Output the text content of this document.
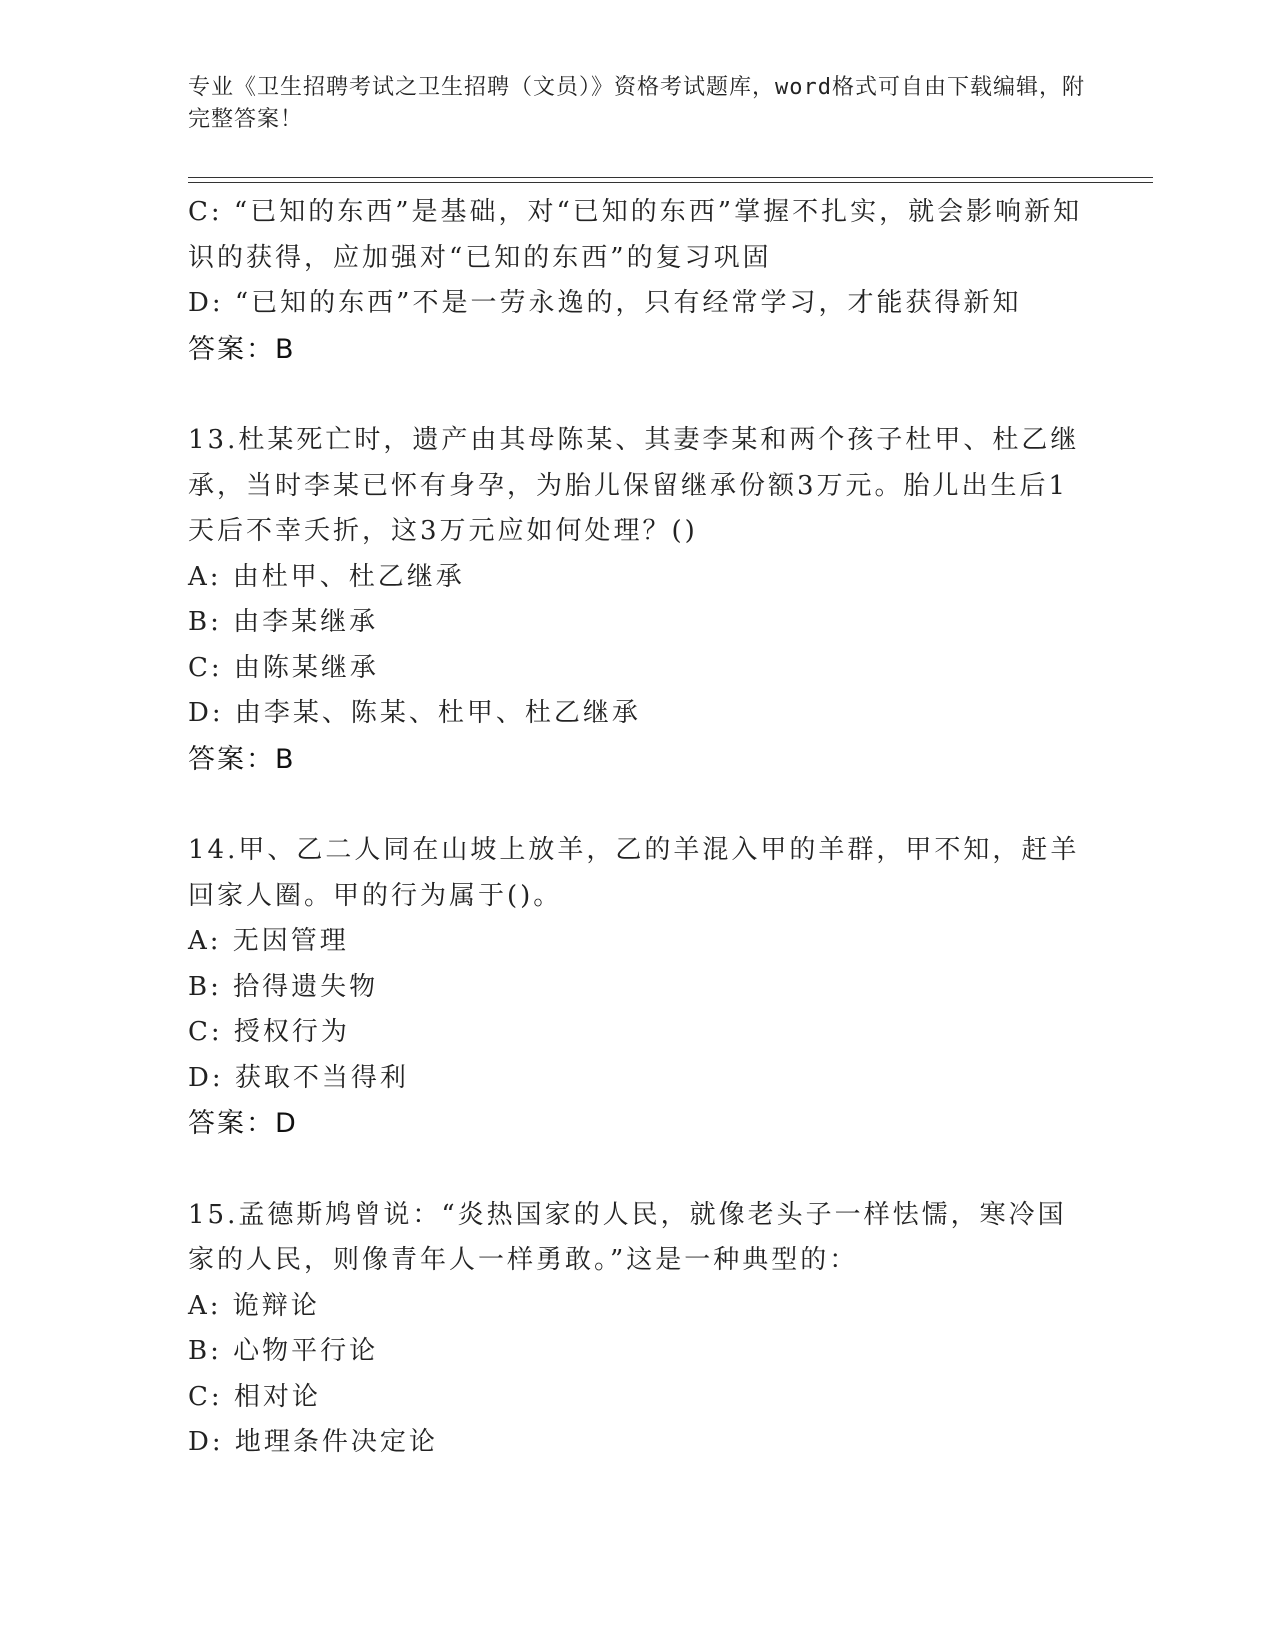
专业《卫生招聘考试之卫生招聘（文员）》资格考试题库，word格式可自由下载编辑，附完整答案！
C: “已知的东西”是基础，对“已知的东西”掌握不扎实，就会影响新知识的获得，应加强对“已知的东西”的复习巩固
D: “已知的东西”不是一劳永逸的，只有经常学习，才能获得新知
答案：B
13.杜某死亡时，遗产由其母陈某、其妻李某和两个孩子杜甲、杜乙继承，当时李某已怀有身孕，为胎儿保留继承份额3万元。胎儿出生后1天后不幸夭折，这3万元应如何处理？()
A: 由杜甲、杜乙继承
B: 由李某继承
C: 由陈某继承
D: 由李某、陈某、杜甲、杜乙继承
答案：B
14.甲、乙二人同在山坡上放羊，乙的羊混入甲的羊群，甲不知，赶羊回家人圈。甲的行为属于()。
A: 无因管理
B: 拾得遗失物
C: 授权行为
D: 获取不当得利
答案：D
15.孟德斯鸠曾说：“炎热国家的人民，就像老头子一样怯懦，寒冷国家的人民，则像青年人一样勇敢。”这是一种典型的：
A: 诡辩论
B: 心物平行论
C: 相对论
D: 地理条件决定论
